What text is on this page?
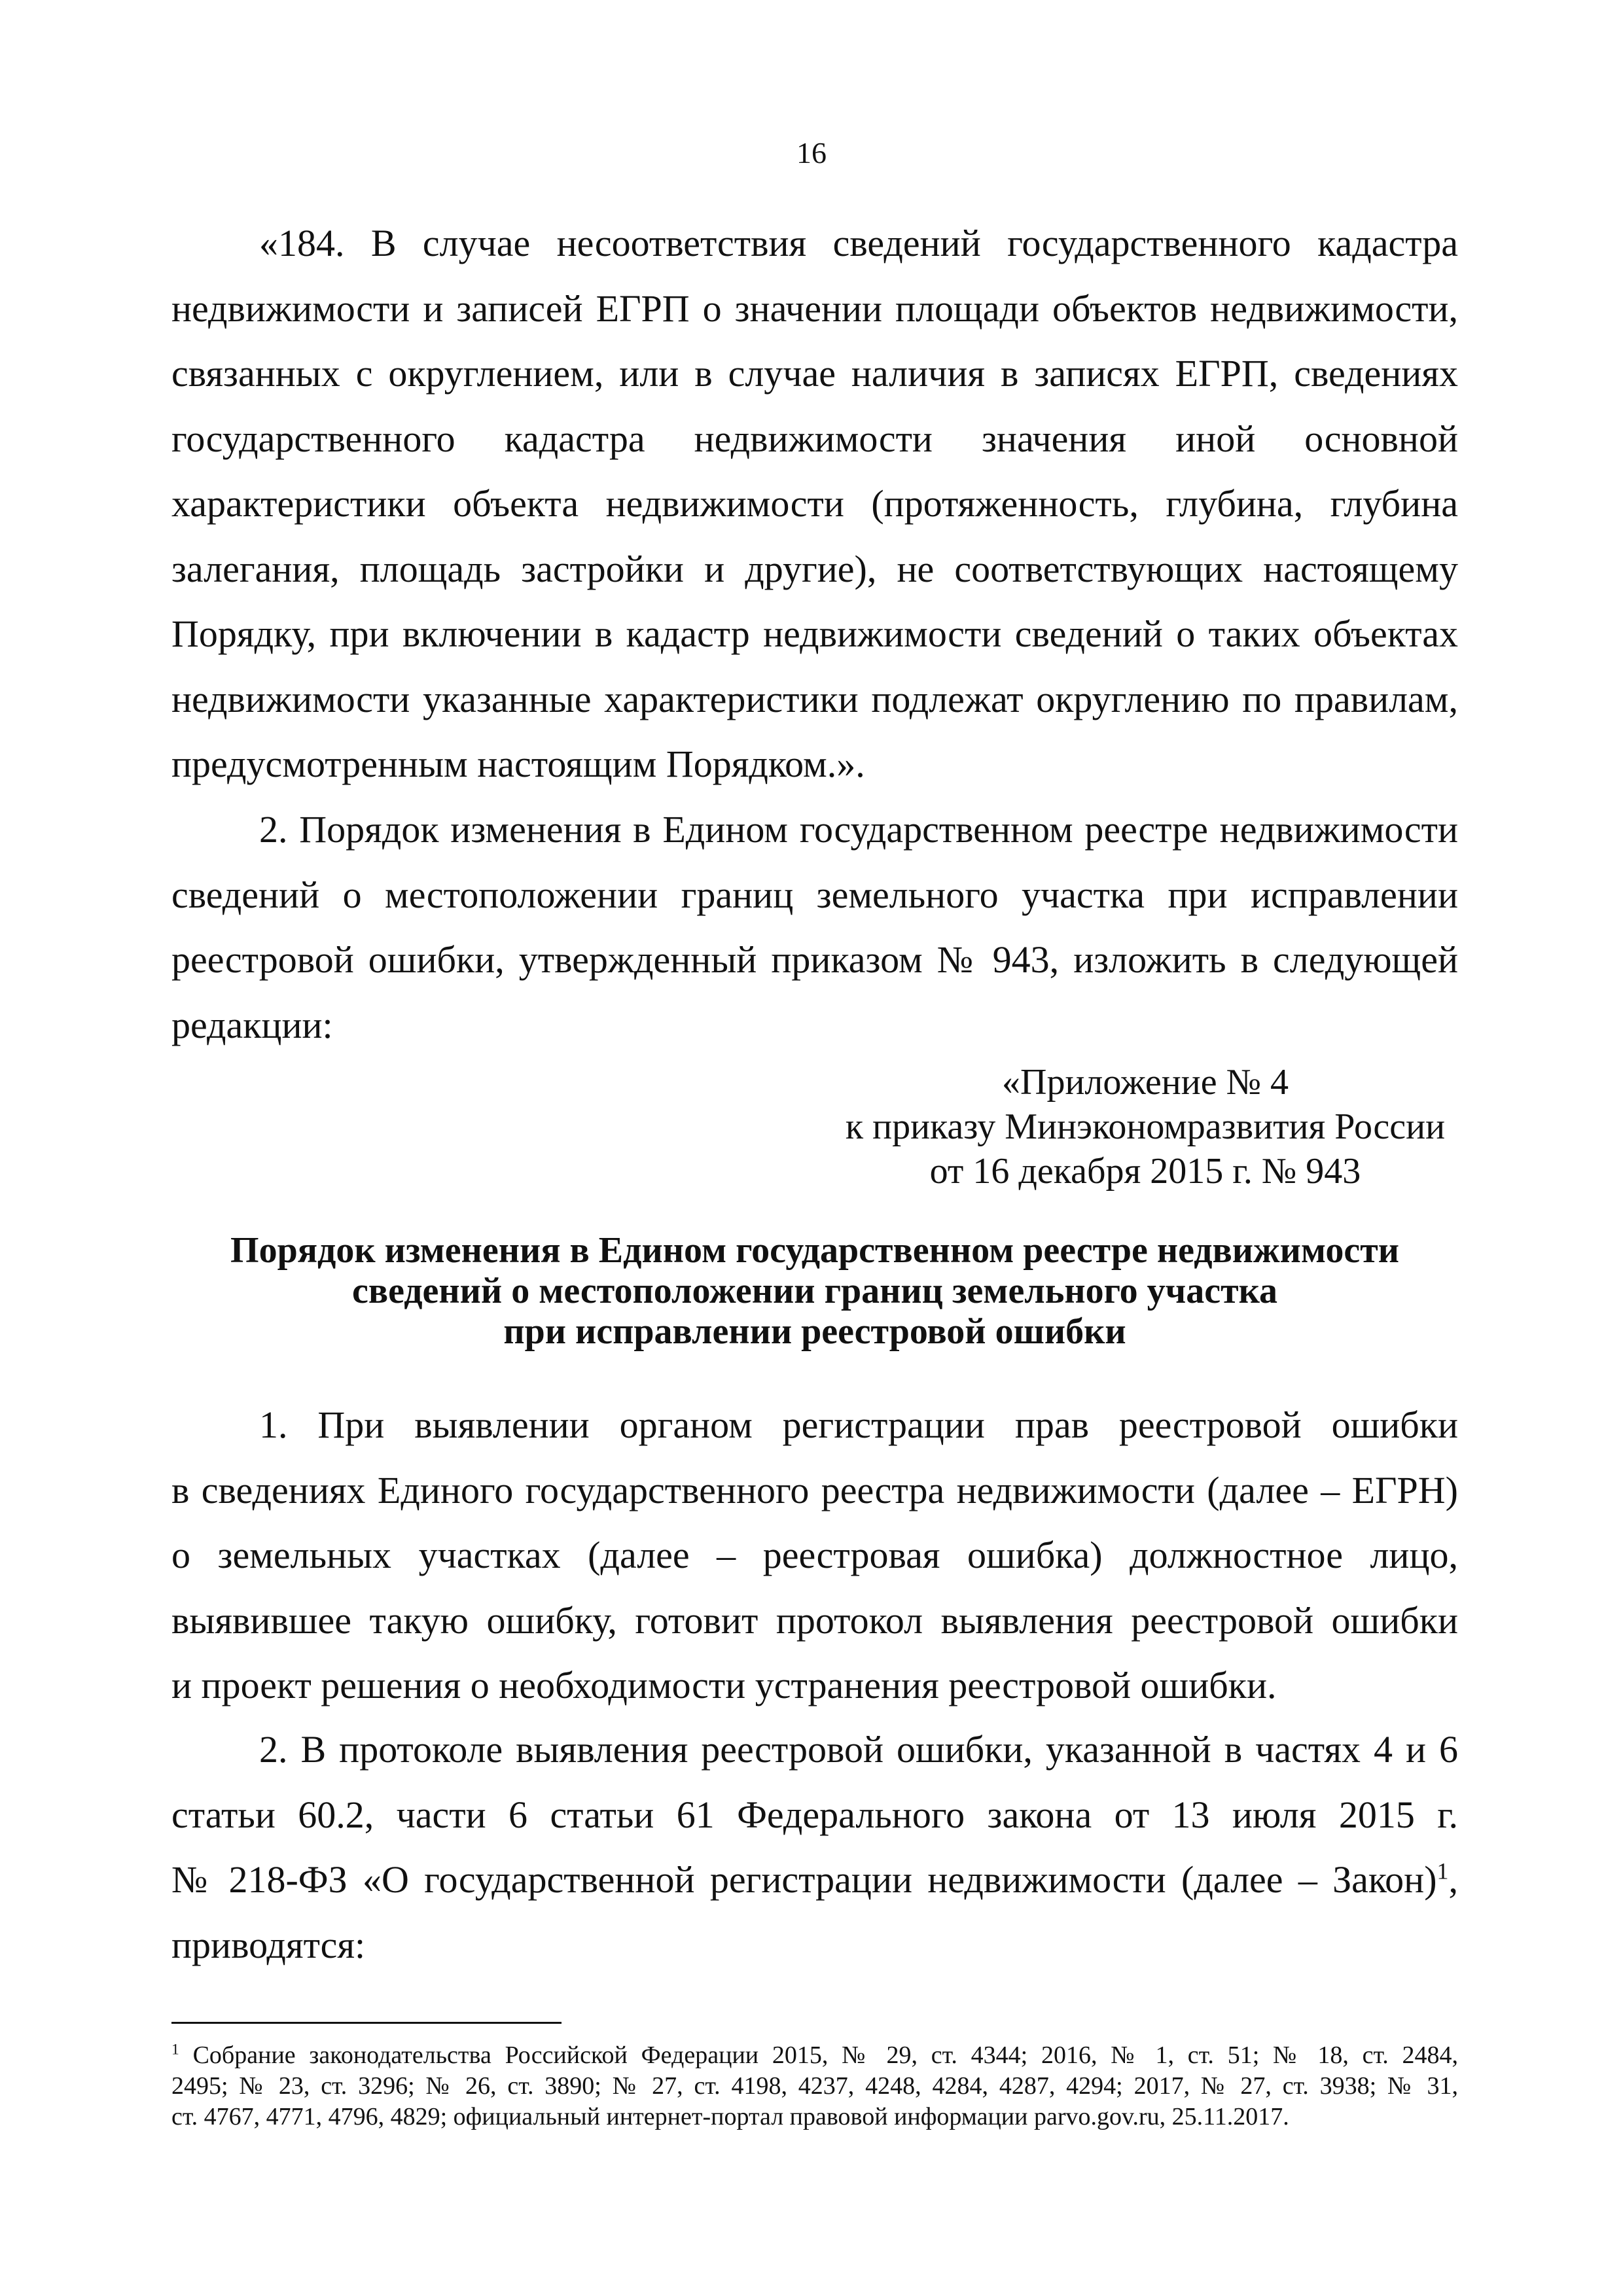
16
«184. В случае несоответствия сведений государственного кадастра
недвижимости и записей ЕГРП о значении площади объектов недвижимости,
связанных с округлением, или в случае наличия в записях ЕГРП, сведениях
государственного кадастра недвижимости значения иной основной
характеристики объекта недвижимости (протяженность, глубина, глубина
залегания, площадь застройки и другие), не соответствующих настоящему
Порядку, при включении в кадастр недвижимости сведений о таких объектах
недвижимости указанные характеристики подлежат округлению по правилам,
предусмотренным настоящим Порядком.».
2. Порядок изменения в Едином государственном реестре недвижимости
сведений о местоположении границ земельного участка при исправлении
реестровой ошибки, утвержденный приказом № 943, изложить в следующей
редакции:
«Приложение № 4
к приказу Минэкономразвития России
от 16 декабря 2015 г. № 943
Порядок изменения в Едином государственном реестре недвижимости
сведений о местоположении границ земельного участка
при исправлении реестровой ошибки
1. При выявлении органом регистрации прав реестровой ошибки
в сведениях Единого государственного реестра недвижимости (далее – ЕГРН)
о земельных участках (далее – реестровая ошибка) должностное лицо,
выявившее такую ошибку, готовит протокол выявления реестровой ошибки
и проект решения о необходимости устранения реестровой ошибки.
2. В протоколе выявления реестровой ошибки, указанной в частях 4 и 6
статьи 60.2, части 6 статьи 61 Федерального закона от 13 июля 2015 г.
№ 218-ФЗ «О государственной регистрации недвижимости (далее – Закон)$^1$,
приводятся:
$^1$ Собрание законодательства Российской Федерации 2015, № 29, ст. 4344; 2016, № 1, ст. 51; № 18, ст. 2484,
2495; № 23, ст. 3296; № 26, ст. 3890; № 27, ст. 4198, 4237, 4248, 4284, 4287, 4294; 2017, № 27, ст. 3938; № 31,
ст. 4767, 4771, 4796, 4829; официальный интернет-портал правовой информации parvo.gov.ru, 25.11.2017.
